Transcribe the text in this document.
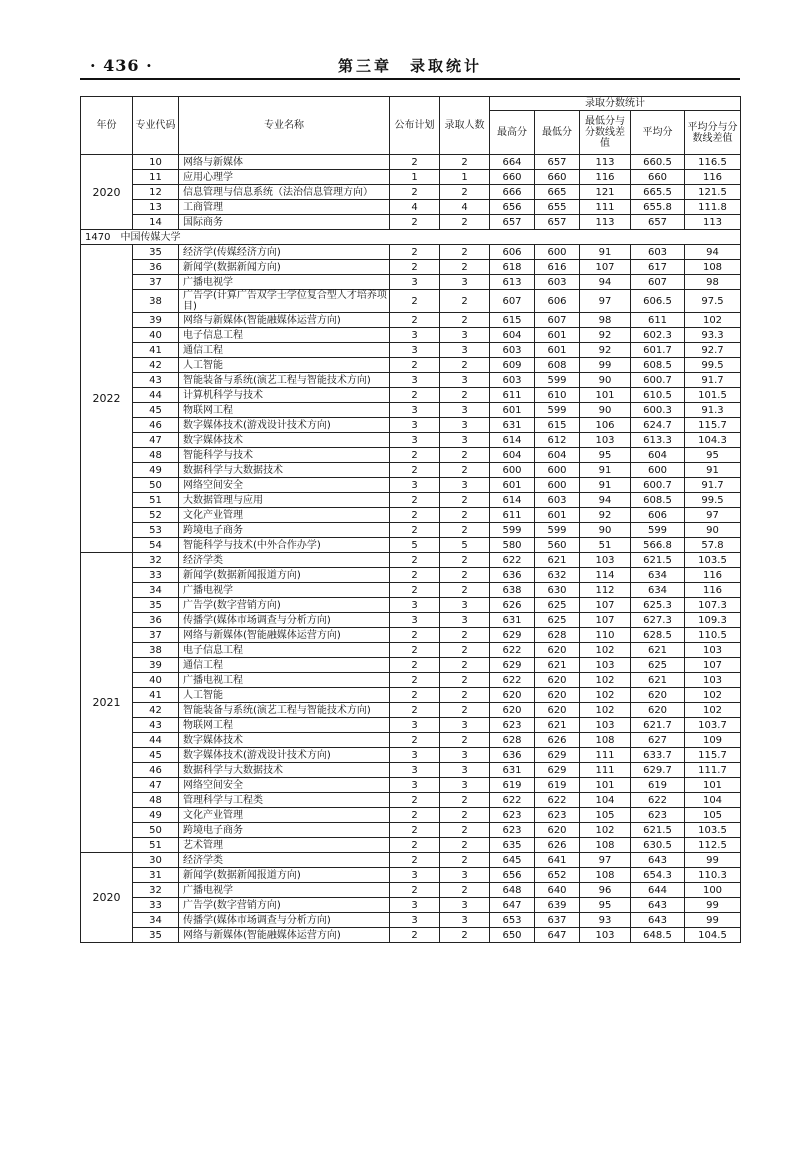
· 436 ·	第三章　录取统计
年份	专业代码	专业名称	公布计划	录取人数	录取分数统计				
					最高分	最低分	最低分与分数线差值	平均分	平均分与分数线差值
2020	10	网络与新媒体	2	2	664	657	113	660.5	116.5
	11	应用心理学	1	1	660	660	116	660	116
	12	信息管理与信息系统（法治信息管理方向）	2	2	666	665	121	665.5	121.5
	13	工商管理	4	4	656	655	111	655.8	111.8
	14	国际商务	2	2	657	657	113	657	113
1470　中国传媒大学									
2022	35	经济学(传媒经济方向)	2	2	606	600	91	603	94
	36	新闻学(数据新闻方向)	2	2	618	616	107	617	108
	37	广播电视学	3	3	613	603	94	607	98
	38	广告学(计算广告双学士学位复合型人才培养项目)	2	2	607	606	97	606.5	97.5
	39	网络与新媒体(智能融媒体运营方向)	2	2	615	607	98	611	102
	40	电子信息工程	3	3	604	601	92	602.3	93.3
	41	通信工程	3	3	603	601	92	601.7	92.7
	42	人工智能	2	2	609	608	99	608.5	99.5
	43	智能装备与系统(演艺工程与智能技术方向)	3	3	603	599	90	600.7	91.7
	44	计算机科学与技术	2	2	611	610	101	610.5	101.5
	45	物联网工程	3	3	601	599	90	600.3	91.3
	46	数字媒体技术(游戏设计技术方向)	3	3	631	615	106	624.7	115.7
	47	数字媒体技术	3	3	614	612	103	613.3	104.3
	48	智能科学与技术	2	2	604	604	95	604	95
	49	数据科学与大数据技术	2	2	600	600	91	600	91
	50	网络空间安全	3	3	601	600	91	600.7	91.7
	51	大数据管理与应用	2	2	614	603	94	608.5	99.5
	52	文化产业管理	2	2	611	601	92	606	97
	53	跨境电子商务	2	2	599	599	90	599	90
	54	智能科学与技术(中外合作办学)	5	5	580	560	51	566.8	57.8
2021	32	经济学类	2	2	622	621	103	621.5	103.5
	33	新闻学(数据新闻报道方向)	2	2	636	632	114	634	116
	34	广播电视学	2	2	638	630	112	634	116
	35	广告学(数字营销方向)	3	3	626	625	107	625.3	107.3
	36	传播学(媒体市场调查与分析方向)	3	3	631	625	107	627.3	109.3
	37	网络与新媒体(智能融媒体运营方向)	2	2	629	628	110	628.5	110.5
	38	电子信息工程	2	2	622	620	102	621	103
	39	通信工程	2	2	629	621	103	625	107
	40	广播电视工程	2	2	622	620	102	621	103
	41	人工智能	2	2	620	620	102	620	102
	42	智能装备与系统(演艺工程与智能技术方向)	2	2	620	620	102	620	102
	43	物联网工程	3	3	623	621	103	621.7	103.7
	44	数字媒体技术	2	2	628	626	108	627	109
	45	数字媒体技术(游戏设计技术方向)	3	3	636	629	111	633.7	115.7
	46	数据科学与大数据技术	3	3	631	629	111	629.7	111.7
	47	网络空间安全	3	3	619	619	101	619	101
	48	管理科学与工程类	2	2	622	622	104	622	104
	49	文化产业管理	2	2	623	623	105	623	105
	50	跨境电子商务	2	2	623	620	102	621.5	103.5
	51	艺术管理	2	2	635	626	108	630.5	112.5
2020	30	经济学类	2	2	645	641	97	643	99
	31	新闻学(数据新闻报道方向)	3	3	656	652	108	654.3	110.3
	32	广播电视学	2	2	648	640	96	644	100
	33	广告学(数字营销方向)	3	3	647	639	95	643	99
	34	传播学(媒体市场调查与分析方向)	3	3	653	637	93	643	99
	35	网络与新媒体(智能融媒体运营方向)	2	2	650	647	103	648.5	104.5
